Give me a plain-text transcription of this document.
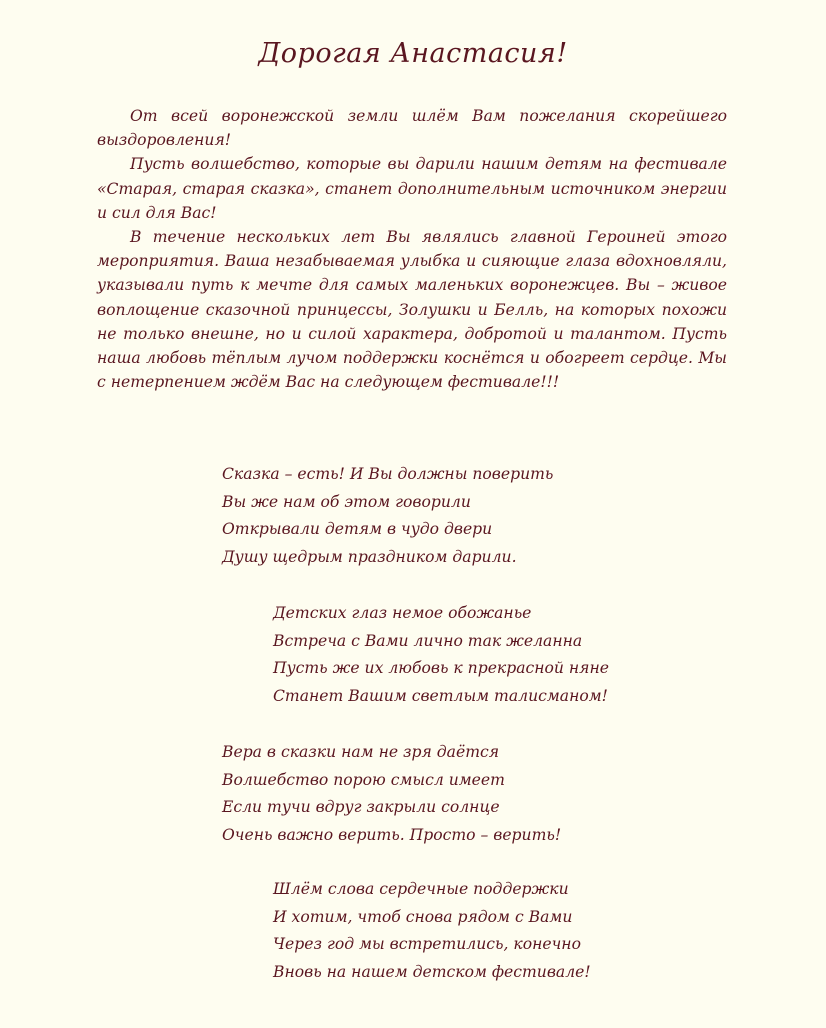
Дорогая Анастасия!

От всей воронежской земли шлём Вам пожелания скорейшего выздоровления!

Пусть волшебство, которые вы дарили нашим детям на фестивале «Старая, старая сказка», станет дополнительным источником энергии и сил для Вас!

В течение нескольких лет Вы являлись главной Героиней этого мероприятия. Ваша незабываемая улыбка и сияющие глаза вдохновляли, указывали путь к мечте для самых маленьких воронежцев. Вы – живое воплощение сказочной принцессы, Золушки и Белль, на которых похожи не только внешне, но и силой характера, добротой и талантом. Пусть наша любовь тёплым лучом поддержки коснётся и обогреет сердце. Мы с нетерпением ждём Вас на следующем фестивале!!!

Сказка – есть! И Вы должны поверить
Вы же нам об этом говорили
Открывали детям в чудо двери
Душу щедрым праздником дарили.
Детских глаз немое обожанье
Встреча с Вами лично так желанна
Пусть же их любовь к прекрасной няне
Станет Вашим светлым талисманом!
Вера в сказки нам не зря даётся
Волшебство порою смысл имеет
Если тучи вдруг закрыли солнце
Очень важно верить. Просто – верить!
Шлём слова сердечные поддержки
И хотим, чтоб снова рядом с Вами
Через год мы встретились, конечно
Вновь на нашем детском фестивале!
